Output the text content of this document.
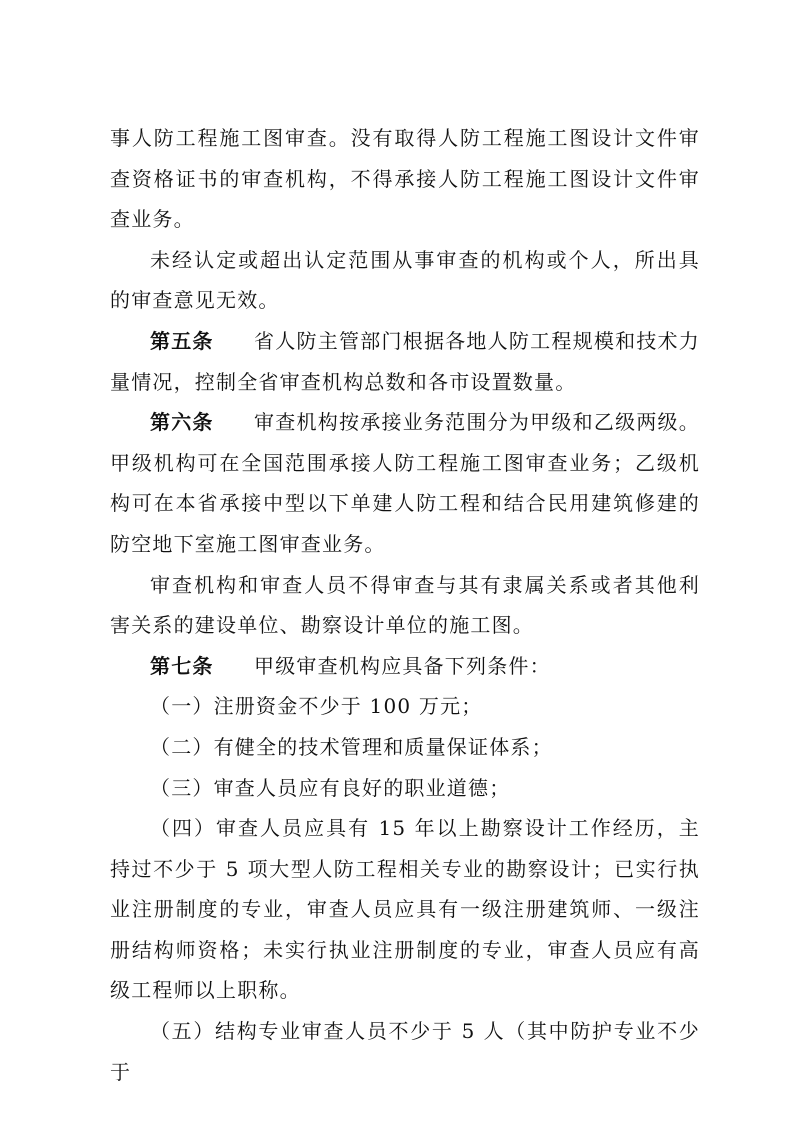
事人防工程施工图审查。没有取得人防工程施工图设计文件审查资格证书的审查机构，不得承接人防工程施工图设计文件审查业务。

未经认定或超出认定范围从事审查的机构或个人，所出具的审查意见无效。

第五条 省人防主管部门根据各地人防工程规模和技术力量情况，控制全省审查机构总数和各市设置数量。

第六条 审查机构按承接业务范围分为甲级和乙级两级。甲级机构可在全国范围承接人防工程施工图审查业务；乙级机构可在本省承接中型以下单建人防工程和结合民用建筑修建的防空地下室施工图审查业务。

审查机构和审查人员不得审查与其有隶属关系或者其他利害关系的建设单位、勘察设计单位的施工图。

第七条 甲级审查机构应具备下列条件：

（一）注册资金不少于 100 万元；

（二）有健全的技术管理和质量保证体系；

（三）审查人员应有良好的职业道德；

（四）审查人员应具有 15 年以上勘察设计工作经历，主持过不少于 5 项大型人防工程相关专业的勘察设计；已实行执业注册制度的专业，审查人员应具有一级注册建筑师、一级注册结构师资格；未实行执业注册制度的专业，审查人员应有高级工程师以上职称。

（五）结构专业审查人员不少于 5 人（其中防护专业不少于
